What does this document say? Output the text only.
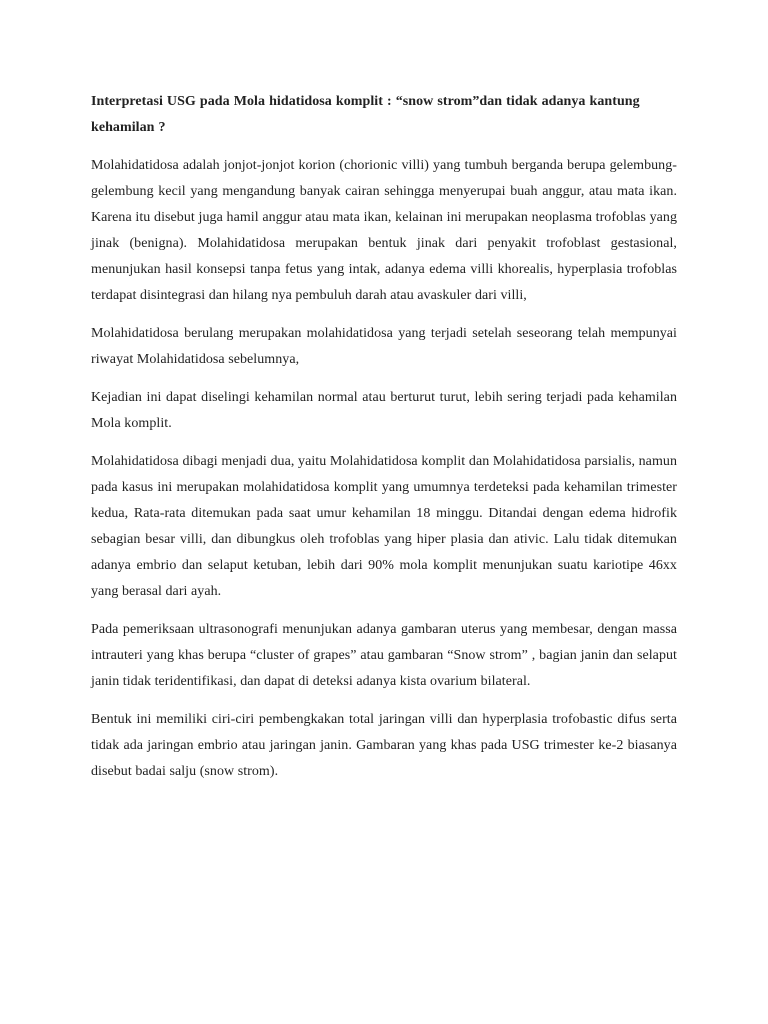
Interpretasi USG pada Mola hidatidosa komplit : “snow strom”dan tidak adanya kantung kehamilan ?

Molahidatidosa adalah jonjot-jonjot korion (chorionic villi) yang tumbuh berganda berupa gelembung-gelembung kecil yang mengandung banyak cairan sehingga menyerupai buah anggur, atau mata ikan. Karena itu disebut juga hamil anggur atau mata ikan, kelainan ini merupakan neoplasma trofoblas yang jinak (benigna). Molahidatidosa merupakan bentuk jinak dari penyakit trofoblast gestasional, menunjukan hasil konsepsi tanpa fetus yang intak, adanya edema villi khorealis, hyperplasia trofoblas terdapat disintegrasi dan hilang nya pembuluh darah atau avaskuler dari villi,

Molahidatidosa berulang merupakan molahidatidosa yang terjadi setelah seseorang telah mempunyai riwayat Molahidatidosa sebelumnya,

Kejadian ini dapat diselingi kehamilan normal atau berturut turut, lebih sering terjadi pada kehamilan Mola komplit.

Molahidatidosa dibagi menjadi dua, yaitu Molahidatidosa komplit dan Molahidatidosa parsialis, namun pada kasus ini merupakan molahidatidosa komplit yang umumnya terdeteksi pada kehamilan trimester kedua, Rata-rata ditemukan pada saat umur kehamilan 18 minggu. Ditandai dengan edema hidrofik sebagian besar villi, dan dibungkus oleh trofoblas yang hiper plasia dan ativic. Lalu tidak ditemukan adanya embrio dan selaput ketuban, lebih dari 90% mola komplit menunjukan suatu kariotipe 46xx yang berasal dari ayah.

Pada pemeriksaan ultrasonografi menunjukan adanya gambaran uterus yang membesar, dengan massa intrauteri yang khas berupa “cluster of grapes” atau gambaran “Snow strom” , bagian janin dan selaput janin tidak teridentifikasi, dan dapat di deteksi adanya kista ovarium bilateral.

Bentuk ini memiliki ciri-ciri pembengkakan total jaringan villi dan hyperplasia trofobastic difus serta tidak ada jaringan embrio atau jaringan janin. Gambaran yang khas pada USG trimester ke-2 biasanya disebut badai salju (snow strom).
